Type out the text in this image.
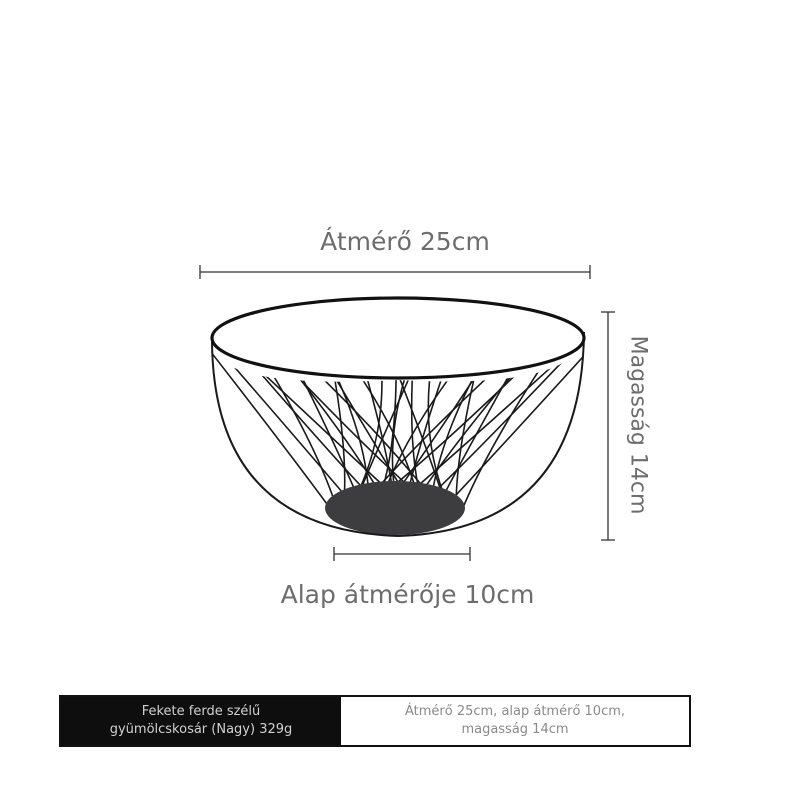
Átmérő 25cm
Magasság 14cm
Alap átmérője 10cm
Fekete ferde szélű
gyümölcskosár (Nagy) 329g
Átmérő 25cm, alap átmérő 10cm,
magasság 14cm
